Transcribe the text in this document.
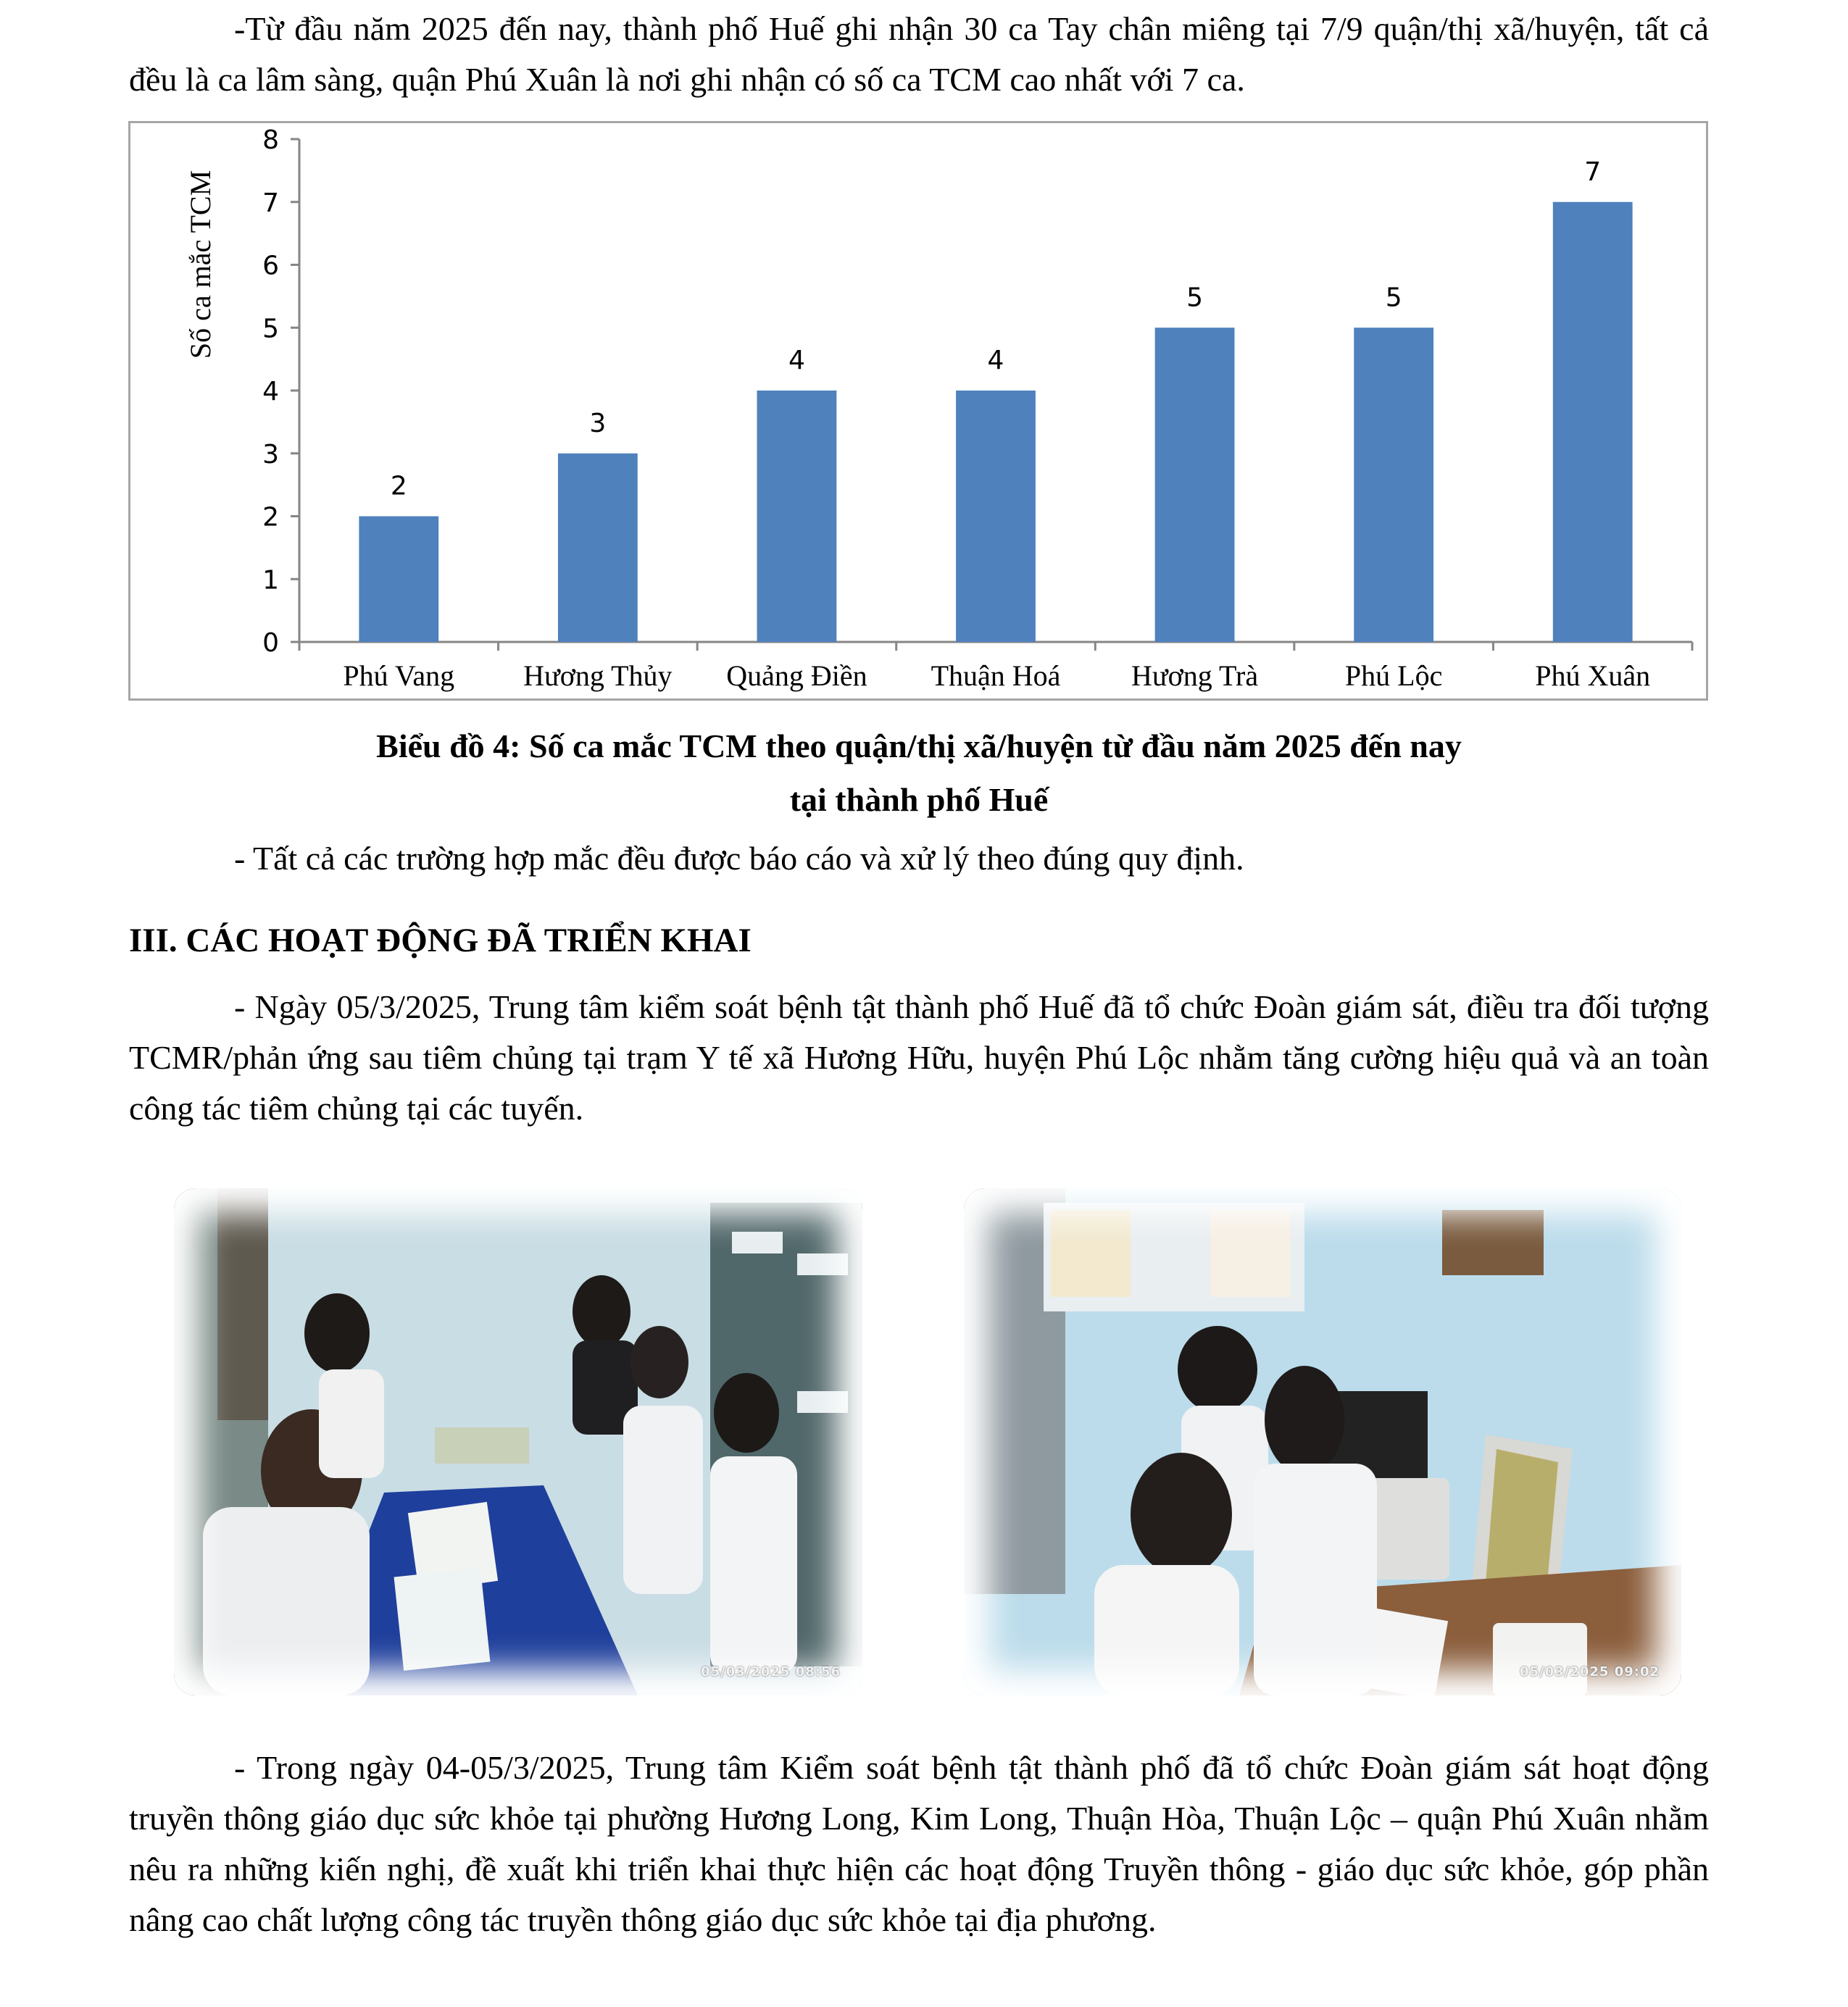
-Từ đầu năm 2025 đến nay, thành phố Huế ghi nhận 30 ca Tay chân miêng tại 7/9 quận/thị xã/huyện, tất cả đều là ca lâm sàng, quận Phú Xuân là nơi ghi nhận có số ca TCM cao nhất với 7 ca.

Số ca mắc TCM
0
1
2
3
4
5
6
7
8
2
3
4	4
5	5
7
Phú Vang Hương Thủy Quảng Điền Thuận Hoá Hương Trà	Phú Lộc	Phú Xuân

Biểu đồ 4: Số ca mắc TCM theo quận/thị xã/huyện từ đầu năm 2025 đến nay

tại thành phố Huế

- Tất cả các trường hợp mắc đều được báo cáo và xử lý theo đúng quy định.

III. CÁC HOẠT ĐỘNG ĐÃ TRIỂN KHAI

- Ngày 05/3/2025, Trung tâm kiểm soát bệnh tật thành phố Huế đã tổ chức Đoàn giám sát, điều tra đối tượng TCMR/phản ứng sau tiêm chủng tại trạm Y tế xã Hương Hữu, huyện Phú Lộc nhằm tăng cường hiệu quả và an toàn công tác tiêm chủng tại các tuyến.

05/03/2025 08:56	05/03/2025 09:02

- Trong ngày 04-05/3/2025, Trung tâm Kiểm soát bệnh tật thành phố đã tổ chức Đoàn giám sát hoạt động truyền thông giáo dục sức khỏe tại phường Hương Long, Kim Long, Thuận Hòa, Thuận Lộc – quận Phú Xuân nhằm nêu ra những kiến nghị, đề xuất khi triển khai thực hiện các hoạt động Truyền thông - giáo dục sức khỏe, góp phần nâng cao chất lượng công tác truyền thông giáo dục sức khỏe tại địa phương.
